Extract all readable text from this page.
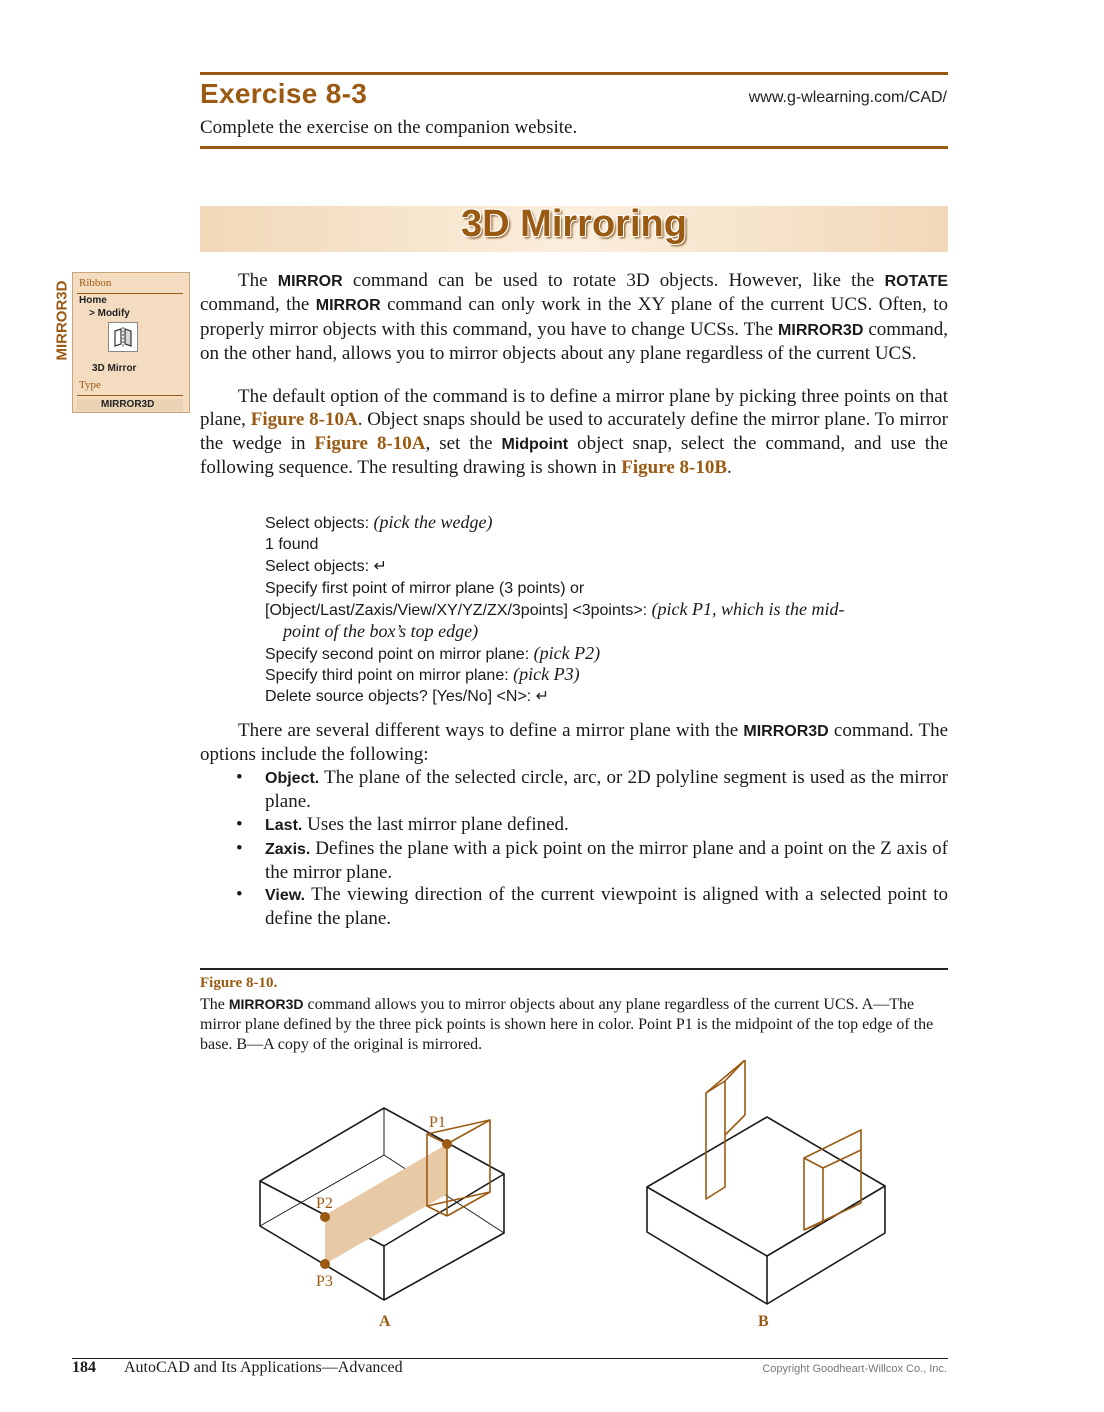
Exercise 8-3	www.g-wlearning.com/CAD/
Complete the exercise on the companion website.
3D Mirroring
MIRROR3D Ribbon
Home
> Modify
3D Mirror
Type
MIRROR3D
The MIRROR command can be used to rotate 3D objects. However, like the ROTATE command, the MIRROR command can only work in the XY plane of the current UCS. Often, to properly mirror objects with this command, you have to change UCSs. The MIRROR3D command, on the other hand, allows you to mirror objects about any plane regardless of the current UCS.
The default option of the command is to define a mirror plane by picking three points on that plane, Figure 8-10A. Object snaps should be used to accurately define the mirror plane. To mirror the wedge in Figure 8-10A, set the Midpoint object snap, select the command, and use the following sequence. The resulting drawing is shown in Figure 8-10B.
Select objects: (pick the wedge)
1 found
Select objects: ↵
Specify first point of mirror plane (3 points) or
[Object/Last/Zaxis/View/XY/YZ/ZX/3points] <3points>: (pick P1, which is the mid-
point of the box’s top edge)
Specify second point on mirror plane: (pick P2)
Specify third point on mirror plane: (pick P3)
Delete source objects? [Yes/No] <N>: ↵
There are several different ways to define a mirror plane with the MIRROR3D command. The options include the following:
• Object. The plane of the selected circle, arc, or 2D polyline segment is used as the mirror plane.
• Last. Uses the last mirror plane defined.
• Zaxis. Defines the plane with a pick point on the mirror plane and a point on the Z axis of the mirror plane.
• View. The viewing direction of the current viewpoint is aligned with a selected point to define the plane.
Figure 8-10.
The MIRROR3D command allows you to mirror objects about any plane regardless of the current UCS. A—The mirror plane defined by the three pick points is shown here in color. Point P1 is the midpoint of the top edge of the base. B—A copy of the original is mirrored.
P1
P2
P3
A	B
184 AutoCAD and Its Applications—Advanced	Copyright Goodheart-Willcox Co., Inc.
